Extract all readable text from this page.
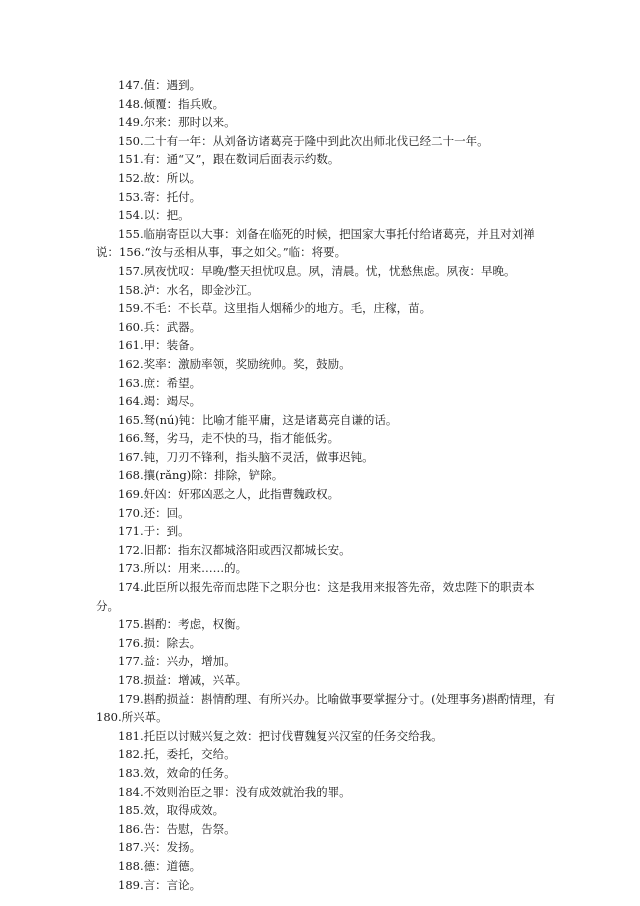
147.值：遇到。

148.倾覆：指兵败。

149.尔来：那时以来。

150.二十有一年：从刘备访诸葛亮于隆中到此次出师北伐已经二十一年。

151.有：通“又”，跟在数词后面表示约数。

152.故：所以。

153.寄：托付。

154.以：把。

155.临崩寄臣以大事：刘备在临死的时候，把国家大事托付给诸葛亮，并且对刘禅说：156.“汝与丞相从事，事之如父。”临：将要。

157.夙夜忧叹：早晚/整天担忧叹息。夙，清晨。忧，忧愁焦虑。夙夜：早晚。

158.泸：水名，即金沙江。

159.不毛：不长草。这里指人烟稀少的地方。毛，庄稼，苗。

160.兵：武器。

161.甲：装备。

162.奖率：激励率领，奖励统帅。奖，鼓励。

163.庶：希望。

164.竭：竭尽。

165.驽(nú)钝：比喻才能平庸，这是诸葛亮自谦的话。

166.驽，劣马，走不快的马，指才能低劣。

167.钝，刀刃不锋利，指头脑不灵活，做事迟钝。

168.攘(rǎng)除：排除，铲除。

169.奸凶：奸邪凶恶之人，此指曹魏政权。

170.还：回。

171.于：到。

172.旧都：指东汉都城洛阳或西汉都城长安。

173.所以：用来……的。

174.此臣所以报先帝而忠陛下之职分也：这是我用来报答先帝，效忠陛下的职责本分。

175.斟酌：考虑，权衡。

176.损：除去。

177.益：兴办，增加。

178.损益：增减，兴革。

179.斟酌损益：斟情酌理、有所兴办。比喻做事要掌握分寸。(处理事务)斟酌情理，有180.所兴革。

181.托臣以讨贼兴复之效：把讨伐曹魏复兴汉室的任务交给我。

182.托，委托，交给。

183.效，效命的任务。

184.不效则治臣之罪：没有成效就治我的罪。

185.效，取得成效。

186.告：告慰，告祭。

187.兴：发扬。

188.德：道德。

189.言：言论。
